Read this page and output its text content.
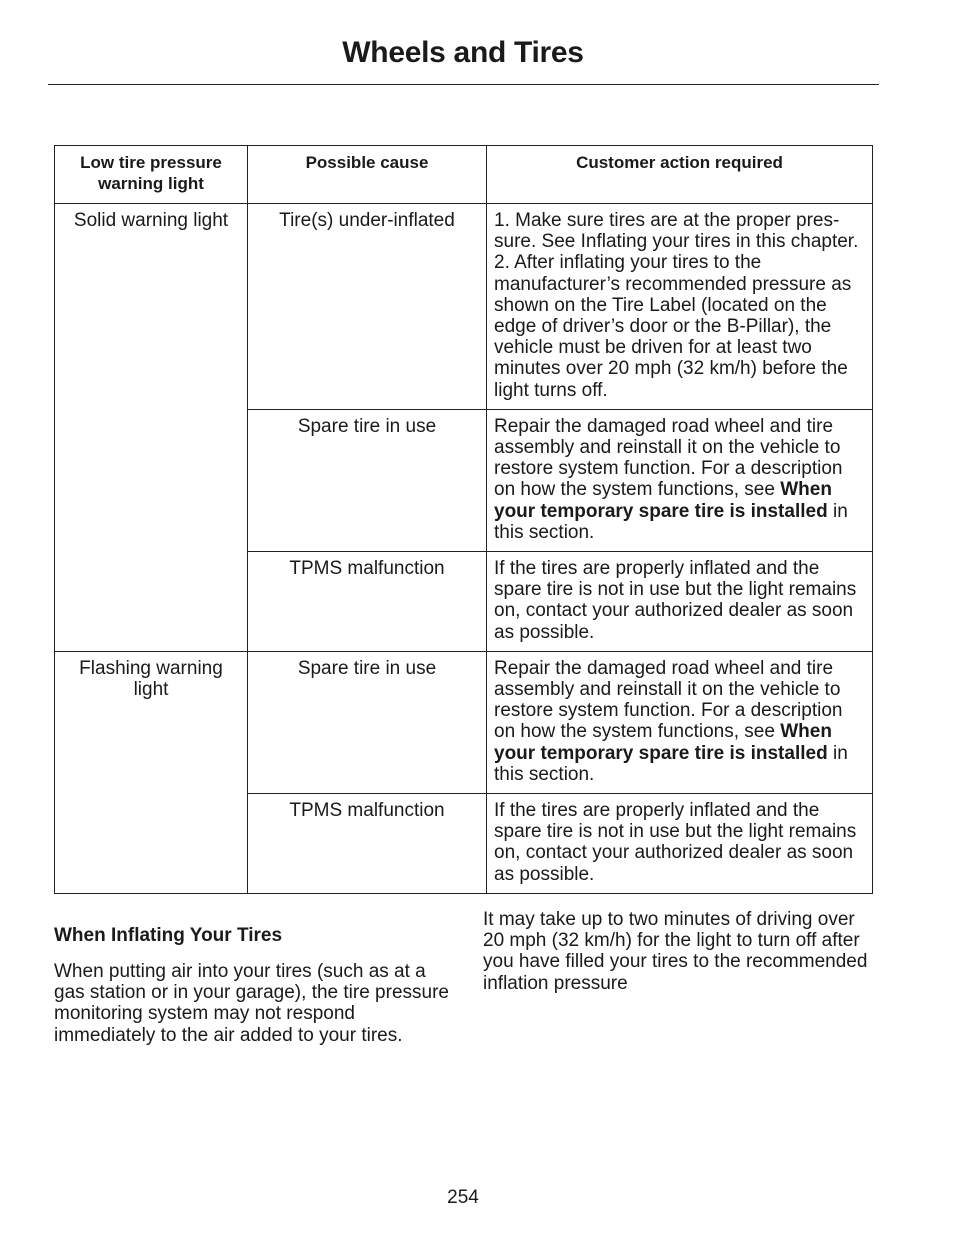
Wheels and Tires
Low tire pressure warning light	Possible cause	Customer action required
Solid warning light	Tire(s) under-inflated	1. Make sure tires are at the proper pres- sure. See Inflating your tires in this chapter. 2. After inflating your tires to the manufacturer’s recommended pressure as shown on the Tire Label (located on the edge of driver’s door or the B-Pillar), the vehicle must be driven for at least two minutes over 20 mph (32 km/h) before the light turns off.
	Spare tire in use	Repair the damaged road wheel and tire assembly and reinstall it on the vehicle to restore system function. For a description on how the system functions, see When your temporary spare tire is installed in this section.
	TPMS malfunction	If the tires are properly inflated and the spare tire is not in use but the light remains on, contact your authorized dealer as soon as possible.
Flashing warning light	Spare tire in use	Repair the damaged road wheel and tire assembly and reinstall it on the vehicle to restore system function. For a description on how the system functions, see When your temporary spare tire is installed in this section.
	TPMS malfunction	If the tires are properly inflated and the spare tire is not in use but the light remains on, contact your authorized dealer as soon as possible.
When Inflating Your Tires
When putting air into your tires (such as at a gas station or in your garage), the tire pressure monitoring system may not respond immediately to the air added to your tires.
It may take up to two minutes of driving over 20 mph (32 km/h) for the light to turn off after you have filled your tires to the recommended inflation pressure
254
